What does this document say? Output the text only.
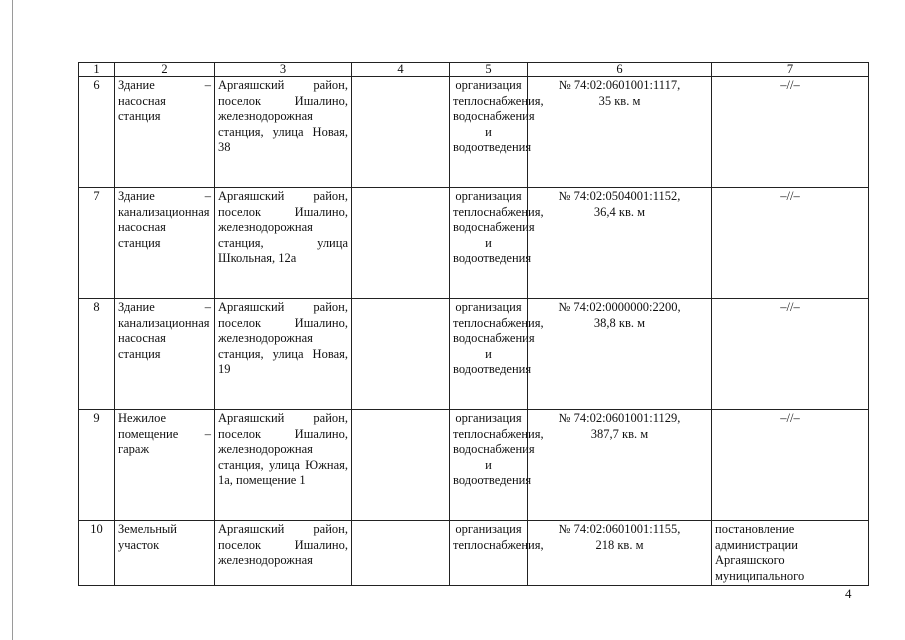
1	2	3	4	5	6	7
6	Здание – насосная станция	Аргаяшский район, поселок Ишалино, железнодорожная станция, улица Новая, 38		организация теплоснабжения, водоснабжения и водоотведения	№ 74:02:0601001:1117,
35 кв. м	–//–
7	Здание – канализационная насосная станция	Аргаяшский район, поселок Ишалино, железнодорожная станция, улица Школьная, 12а		организация теплоснабжения, водоснабжения и водоотведения	№ 74:02:0504001:1152,
36,4 кв. м	–//–
8	Здание – канализационная насосная станция	Аргаяшский район, поселок Ишалино, железнодорожная станция, улица Новая, 19		организация теплоснабжения, водоснабжения и водоотведения	№ 74:02:0000000:2200,
38,8 кв. м	–//–
9	Нежилое помещение – гараж	Аргаяшский район, поселок Ишалино, железнодорожная станция, улица Южная, 1а, помещение 1		организация теплоснабжения, водоснабжения и водоотведения	№ 74:02:0601001:1129,
387,7 кв. м	–//–
10	Земельный участок	Аргаяшский район, поселок Ишалино, железнодорожная		организация теплоснабжения,	№ 74:02:0601001:1155,
218 кв. м	постановление администрации Аргаяшского муниципального
4
